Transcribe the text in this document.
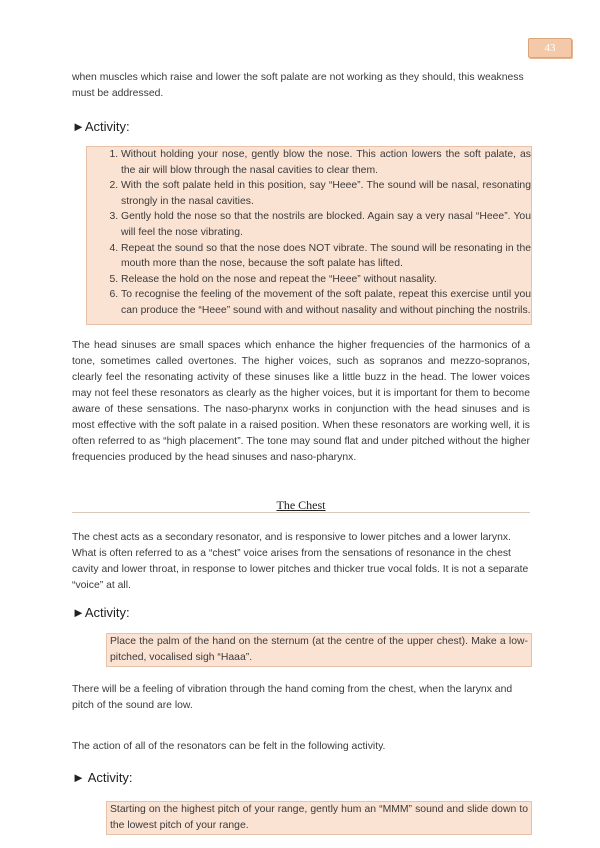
43

when muscles which raise and lower the soft palate are not working as they should, this weakness must be addressed.

►Activity:
1. Without holding your nose, gently blow the nose. This action lowers the soft palate, as the air will blow through the nasal cavities to clear them.
2. With the soft palate held in this position, say “Heee”. The sound will be nasal, resonating strongly in the nasal cavities.
3. Gently hold the nose so that the nostrils are blocked. Again say a very nasal “Heee”. You will feel the nose vibrating.
4. Repeat the sound so that the nose does NOT vibrate. The sound will be resonating in the mouth more than the nose, because the soft palate has lifted.
5. Release the hold on the nose and repeat the “Heee” without nasality.
6. To recognise the feeling of the movement of the soft palate, repeat this exercise until you can produce the “Heee” sound with and without nasality and without pinching the nostrils.

The head sinuses are small spaces which enhance the higher frequencies of the harmonics of a tone, sometimes called overtones. The higher voices, such as sopranos and mezzo-sopranos, clearly feel the resonating activity of these sinuses like a little buzz in the head. The lower voices may not feel these resonators as clearly as the higher voices, but it is important for them to become aware of these sensations. The naso-pharynx works in conjunction with the head sinuses and is most effective with the soft palate in a raised position. When these resonators are working well, it is often referred to as “high placement”. The tone may sound flat and under pitched without the higher frequencies produced by the head sinuses and naso-pharynx.

The Chest

The chest acts as a secondary resonator, and is responsive to lower pitches and a lower larynx. What is often referred to as a “chest” voice arises from the sensations of resonance in the chest cavity and lower throat, in response to lower pitches and thicker true vocal folds. It is not a separate “voice” at all.

►Activity:
Place the palm of the hand on the sternum (at the centre of the upper chest). Make a low-pitched, vocalised sigh “Haaa”.

There will be a feeling of vibration through the hand coming from the chest, when the larynx and pitch of the sound are low.

The action of all of the resonators can be felt in the following activity.

► Activity:
Starting on the highest pitch of your range, gently hum an “MMM” sound and slide down to the lowest pitch of your range.
